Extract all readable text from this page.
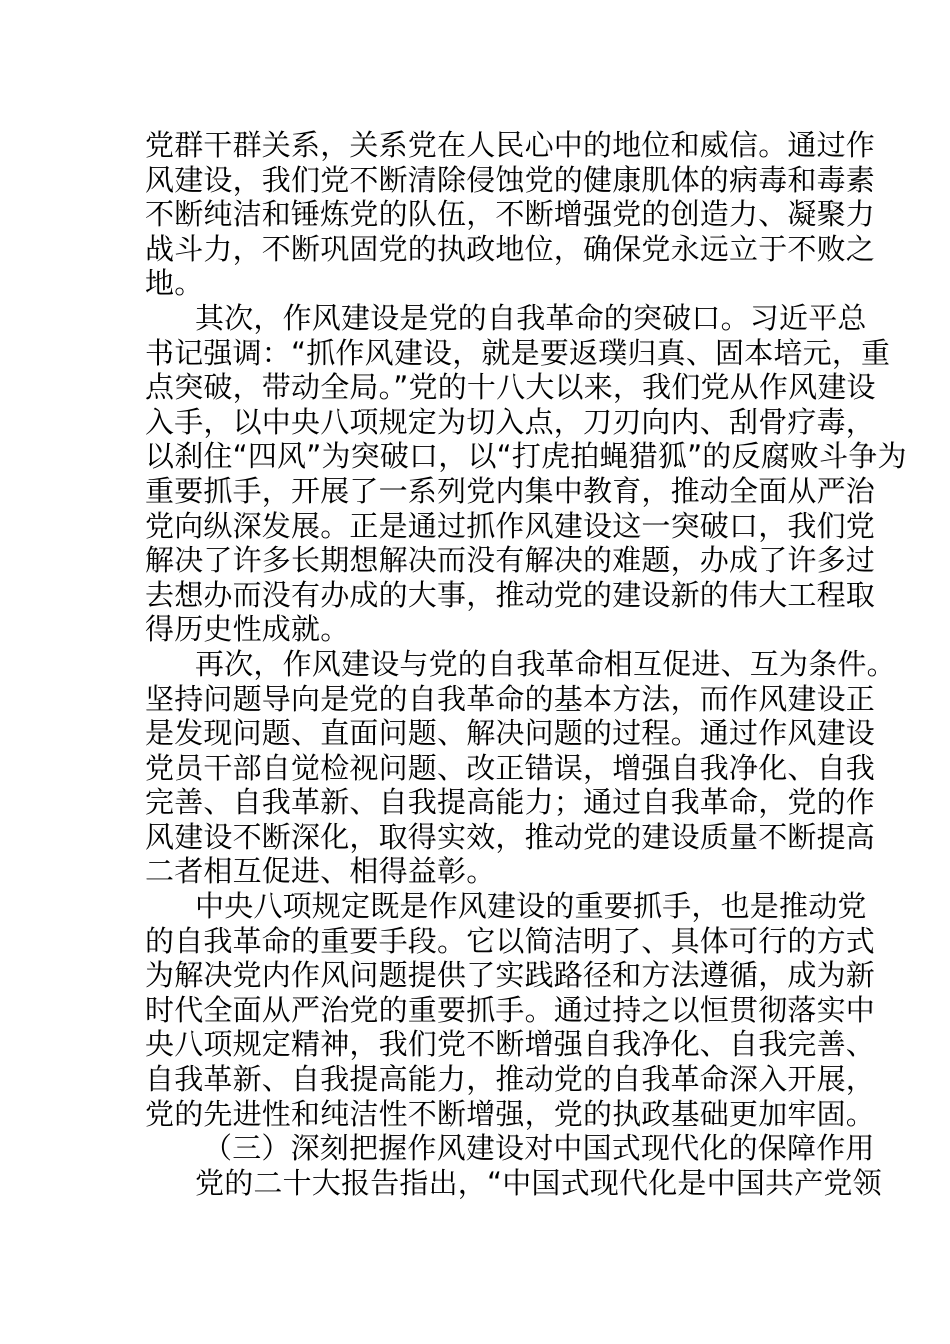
党群干群关系，关系党在人民心中的地位和威信。通过作
风建设，我们党不断清除侵蚀党的健康肌体的病毒和毒素
不断纯洁和锤炼党的队伍，不断增强党的创造力、凝聚力
战斗力，不断巩固党的执政地位，确保党永远立于不败之
地。
其次，作风建设是党的自我革命的突破口。习近平总
书记强调：“抓作风建设，就是要返璞归真、固本培元，重
点突破，带动全局。”党的十八大以来，我们党从作风建设
入手，以中央八项规定为切入点，刀刃向内、刮骨疗毒，
以刹住“四风”为突破口，以“打虎拍蝇猎狐”的反腐败斗争为
重要抓手，开展了一系列党内集中教育，推动全面从严治
党向纵深发展。正是通过抓作风建设这一突破口，我们党
解决了许多长期想解决而没有解决的难题，办成了许多过
去想办而没有办成的大事，推动党的建设新的伟大工程取
得历史性成就。
再次，作风建设与党的自我革命相互促进、互为条件。
坚持问题导向是党的自我革命的基本方法，而作风建设正
是发现问题、直面问题、解决问题的过程。通过作风建设
党员干部自觉检视问题、改正错误，增强自我净化、自我
完善、自我革新、自我提高能力；通过自我革命，党的作
风建设不断深化，取得实效，推动党的建设质量不断提高
二者相互促进、相得益彰。
中央八项规定既是作风建设的重要抓手，也是推动党
的自我革命的重要手段。它以简洁明了、具体可行的方式
为解决党内作风问题提供了实践路径和方法遵循，成为新
时代全面从严治党的重要抓手。通过持之以恒贯彻落实中
央八项规定精神，我们党不断增强自我净化、自我完善、
自我革新、自我提高能力，推动党的自我革命深入开展，
党的先进性和纯洁性不断增强，党的执政基础更加牢固。
（三）深刻把握作风建设对中国式现代化的保障作用
党的二十大报告指出，“中国式现代化是中国共产党领
